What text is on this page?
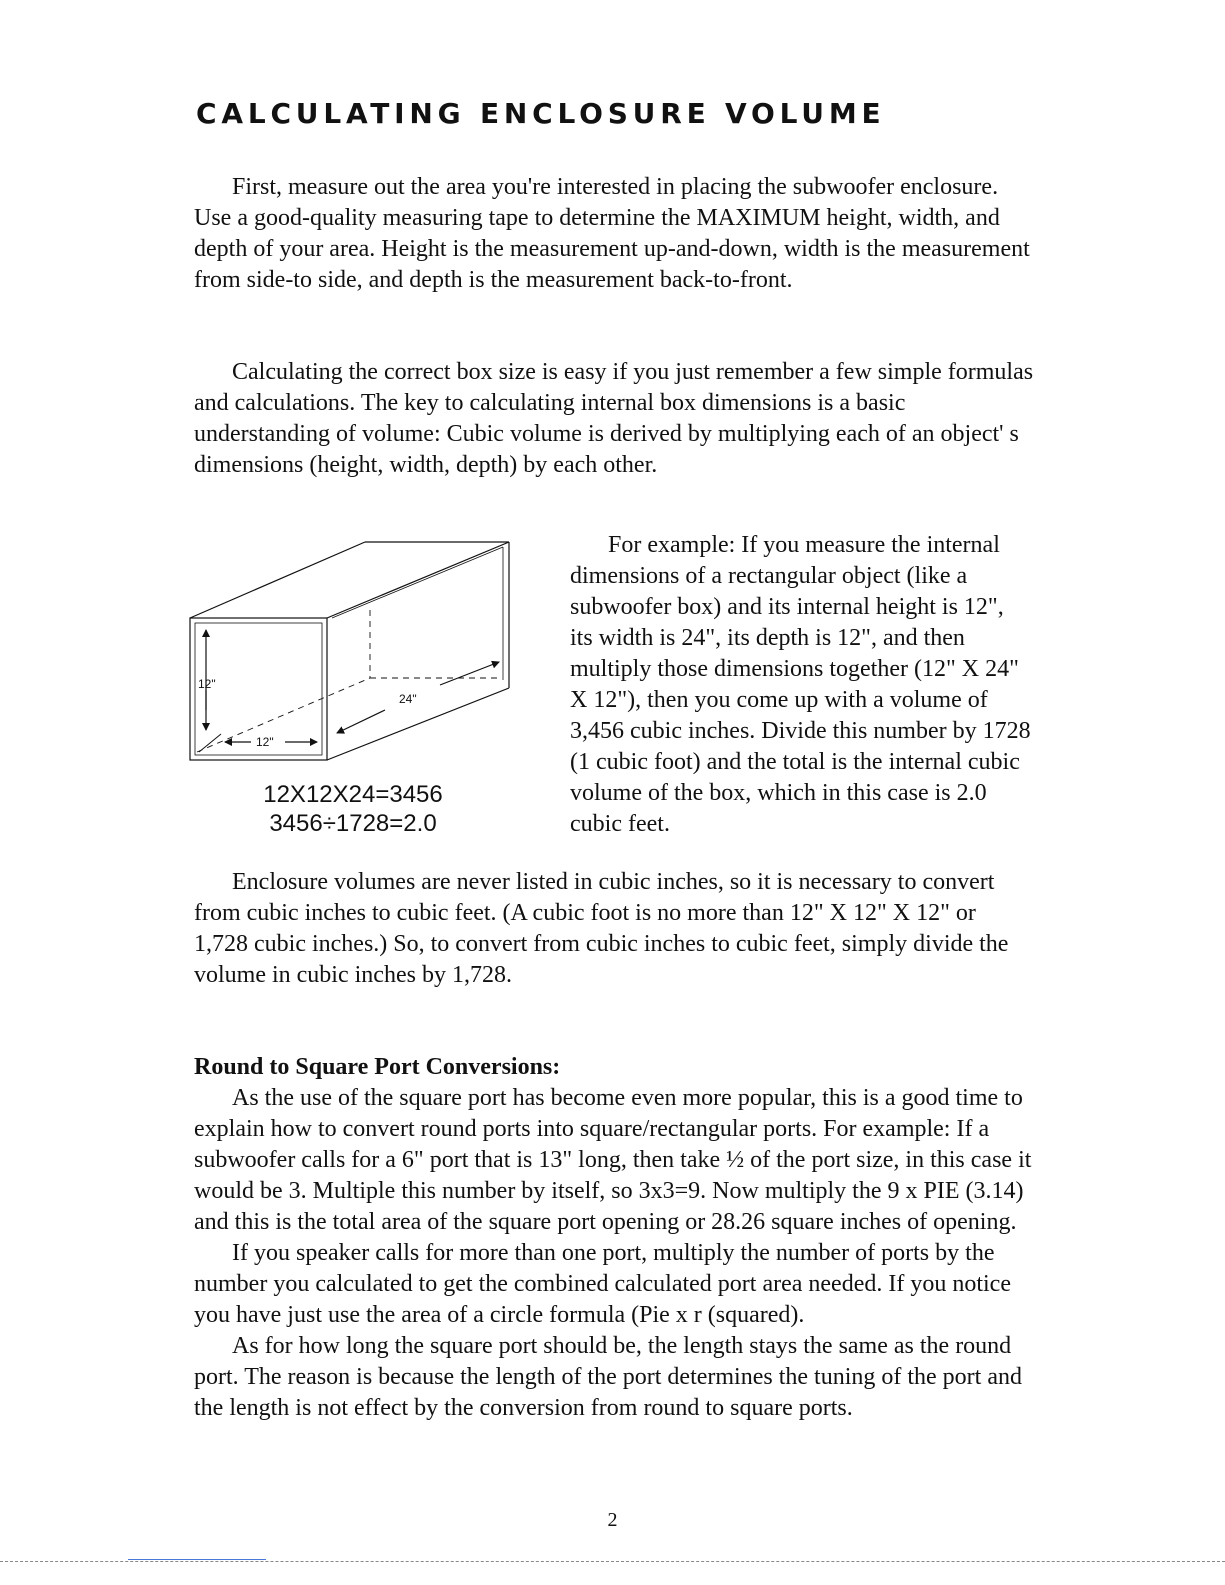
CALCULATING ENCLOSURE VOLUME

First, measure out the area you're interested in placing the subwoofer enclosure. Use a good-quality measuring tape to determine the MAXIMUM height, width, and depth of your area. Height is the measurement up-and-down, width is the measurement from side-to side, and depth is the measurement back-to-front.

Calculating the correct box size is easy if you just remember a few simple formulas and calculations. The key to calculating internal box dimensions is a basic understanding of volume: Cubic volume is derived by multiplying each of an object' s dimensions (height, width, depth) by each other.

12"
12"
24"
12X12X24=3456
3456÷1728=2.0

For example: If you measure the internal dimensions of a rectangular object (like a subwoofer box) and its internal height is 12", its width is 24", its depth is 12", and then multiply those dimensions together (12" X 24" X 12"), then you come up with a volume of 3,456 cubic inches. Divide this number by 1728 (1 cubic foot) and the total is the internal cubic volume of the box, which in this case is 2.0 cubic feet.

Enclosure volumes are never listed in cubic inches, so it is necessary to convert from cubic inches to cubic feet. (A cubic foot is no more than 12" X 12" X 12" or 1,728 cubic inches.) So, to convert from cubic inches to cubic feet, simply divide the volume in cubic inches by 1,728.

Round to Square Port Conversions:

As the use of the square port has become even more popular, this is a good time to explain how to convert round ports into square/rectangular ports. For example: If a subwoofer calls for a 6" port that is 13" long, then take ½ of the port size, in this case it would be 3. Multiple this number by itself, so 3x3=9. Now multiply the 9 x PIE (3.14) and this is the total area of the square port opening or 28.26 square inches of opening.

If you speaker calls for more than one port, multiply the number of ports by the number you calculated to get the combined calculated port area needed. If you notice you have just use the area of a circle formula (Pie x r (squared).

As for how long the square port should be, the length stays the same as the round port. The reason is because the length of the port determines the tuning of the port and the length is not effect by the conversion from round to square ports.

2
